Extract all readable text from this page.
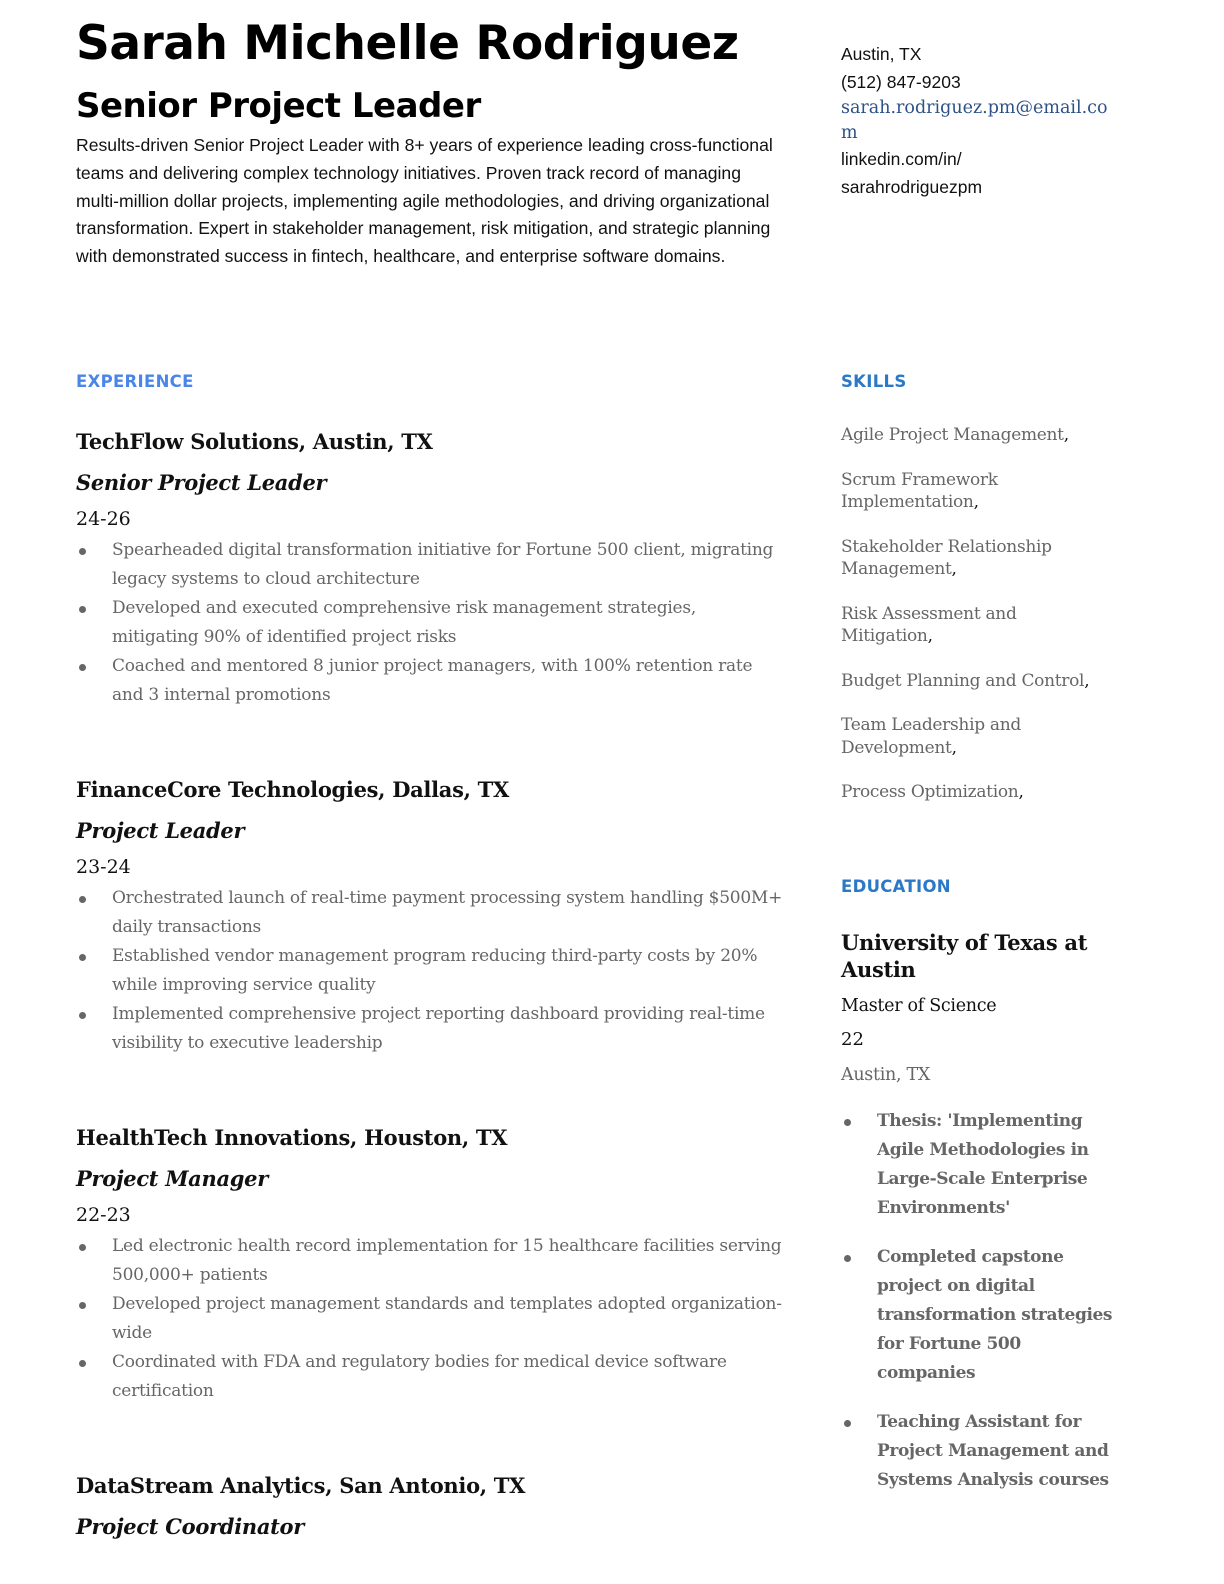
Sarah Michelle Rodriguez
Senior Project Leader

Results-driven Senior Project Leader with 8+ years of experience leading cross-functional teams and delivering complex technology initiatives. Proven track record of managing multi-million dollar projects, implementing agile methodologies, and driving organizational transformation. Expert in stakeholder management, risk mitigation, and strategic planning with demonstrated success in fintech, healthcare, and enterprise software domains.

Austin, TX
(512) 847-9203
sarah.rodriguez.pm@email.com
linkedin.com/in/
sarahrodriguezpm
EXPERIENCE	SKILLS
EDUCATION
TechFlow Solutions, Austin, TX
Senior Project Leader
24-26
Spearheaded digital transformation initiative for Fortune 500 client, migrating legacy systems to cloud architecture
Developed and executed comprehensive risk management strategies, mitigating 90% of identified project risks
Coached and mentored 8 junior project managers, with 100% retention rate and 3 internal promotions
FinanceCore Technologies, Dallas, TX
Project Leader
23-24
Orchestrated launch of real-time payment processing system handling $500M+ daily transactions
Established vendor management program reducing third-party costs by 20% while improving service quality
Implemented comprehensive project reporting dashboard providing real-time visibility to executive leadership
HealthTech Innovations, Houston, TX
Project Manager
22-23
Led electronic health record implementation for 15 healthcare facilities serving 500,000+ patients
Developed project management standards and templates adopted organization-wide
Coordinated with FDA and regulatory bodies for medical device software certification
DataStream Analytics, San Antonio, TX
Project Coordinator

Agile Project Management,

Scrum Framework Implementation,

Stakeholder Relationship Management,

Risk Assessment and Mitigation,

Budget Planning and Control,

Team Leadership and Development,

Process Optimization,

University of Texas at Austin
Master of Science
22
Austin, TX
Thesis: 'Implementing Agile Methodologies in Large-Scale Enterprise Environments'
Completed capstone project on digital transformation strategies for Fortune 500 companies
Teaching Assistant for Project Management and Systems Analysis courses
